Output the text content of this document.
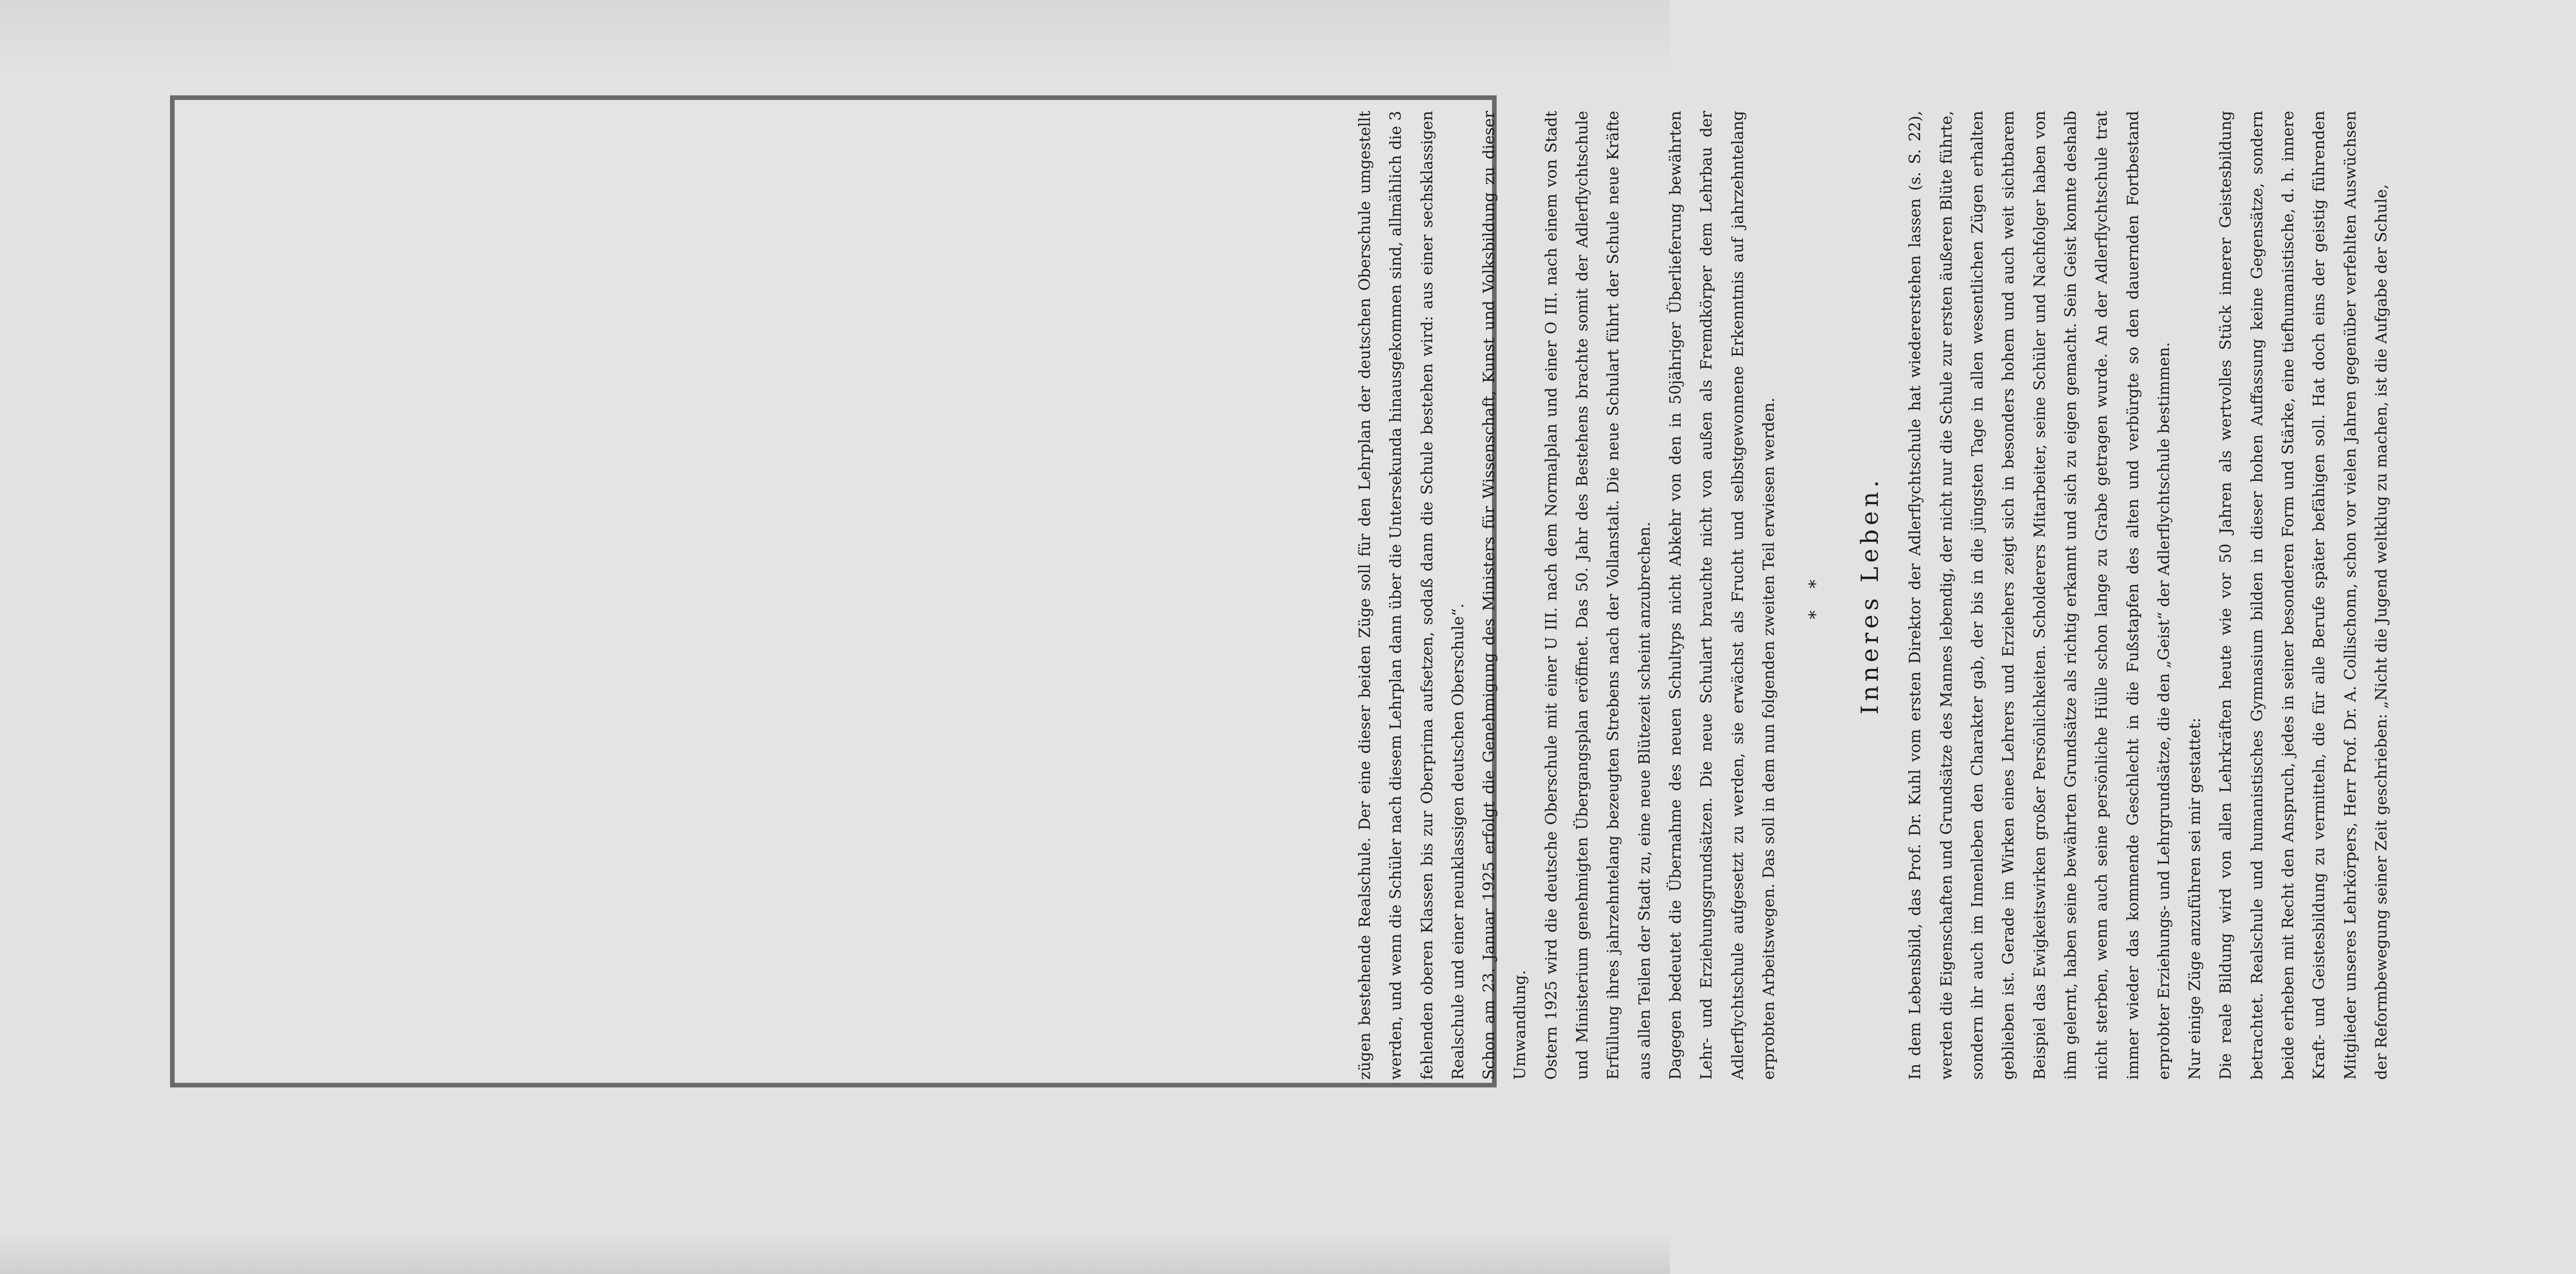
zügen bestehende Realschule. Der eine dieser beiden Züge soll für den Lehrplan der deutschen Oberschule umgestellt werden, und wenn die Schüler nach diesem Lehrplan dann über die Untersekunda hinausgekommen sind, allmählich die 3 fehlenden oberen Klassen bis zur Oberprima aufsetzen, sodaß dann die Schule bestehen wird: aus einer sechsklassigen Realschule und einer neunklassigen deutschen Oberschule“. Schon am 23. Januar 1925 erfolgt die Genehmigung des Ministers für Wissenschaft, Kunst und Volksbildung zu dieser Umwandlung. Ostern 1925 wird die deutsche Oberschule mit einer U III. nach dem Normalplan und einer O III. nach einem von Stadt und Ministerium genehmigten Übergangsplan eröffnet. Das 50. Jahr des Bestehens brachte somit der Adlerflychtschule Erfüllung ihres jahrzehntelang bezeugten Strebens nach der Vollanstalt. Die neue Schulart führt der Schule neue Kräfte aus allen Teilen der Stadt zu, eine neue Blütezeit scheint anzubrechen. Dagegen bedeutet die Übernahme des neuen Schultyps nicht Abkehr von den in 50jähriger Überlieferung bewährten Lehr- und Erziehungsgrundsätzen. Die neue Schulart brauchte nicht von außen als Fremdkörper dem Lehrbau der Adlerflychtschule aufgesetzt zu werden, sie erwächst als Frucht und selbstgewonnene Erkenntnis auf jahrzehntelang erprobten Arbeitswegen. Das soll in dem nun folgenden zweiten Teil erwiesen werden.	* * Inneres Leben.	In dem Lebensbild, das Prof. Dr. Kuhl vom ersten Direktor der Adlerflychtschule hat wiedererstehen lassen (s. S. 22), werden die Eigenschaften und Grundsätze des Mannes lebendig, der nicht nur die Schule zur ersten äußeren Blüte führte, sondern ihr auch im Innenleben den Charakter gab, der bis in die jüngsten Tage in allen wesentlichen Zügen erhalten geblieben ist. Gerade im Wirken eines Lehrers und Erziehers zeigt sich in besonders hohem und auch weit sichtbarem Beispiel das Ewigkeitswirken großer Persönlichkeiten. Scholderers Mitarbeiter, seine Schüler und Nachfolger haben von ihm gelernt, haben seine bewährten Grundsätze als richtig erkannt und sich zu eigen gemacht. Sein Geist konnte deshalb nicht sterben, wenn auch seine persönliche Hülle schon lange zu Grabe getragen wurde. An der Adlerflychtschule trat immer wieder das kommende Geschlecht in die Fußstapfen des alten und verbürgte so den dauernden Fortbestand erprobter Erziehungs- und Lehrgrundsätze, die den „Geist“ der Adlerflychtschule bestimmen. Nur einige Züge anzuführen sei mir gestattet: Die reale Bildung wird von allen Lehrkräften heute wie vor 50 Jahren als wertvolles Stück innerer Geistesbildung betrachtet. Realschule und humanistisches Gymnasium bilden in dieser hohen Auffassung keine Gegensätze, sondern beide erheben mit Recht den Anspruch, jedes in seiner besonderen Form und Stärke, eine tiefhumanistische, d. h. innere Kraft- und Geistesbildung zu vermitteln, die für alle Berufe später befähigen soll. Hat doch eins der geistig führenden Mitglieder unseres Lehrkörpers, Herr Prof. Dr. A. Collischonn, schon vor vielen Jahren gegenüber verfehlten Auswüchsen der Reformbewegung seiner Zeit geschrieben: „Nicht die Jugend weltklug zu machen, ist die Aufgabe der Schule,
